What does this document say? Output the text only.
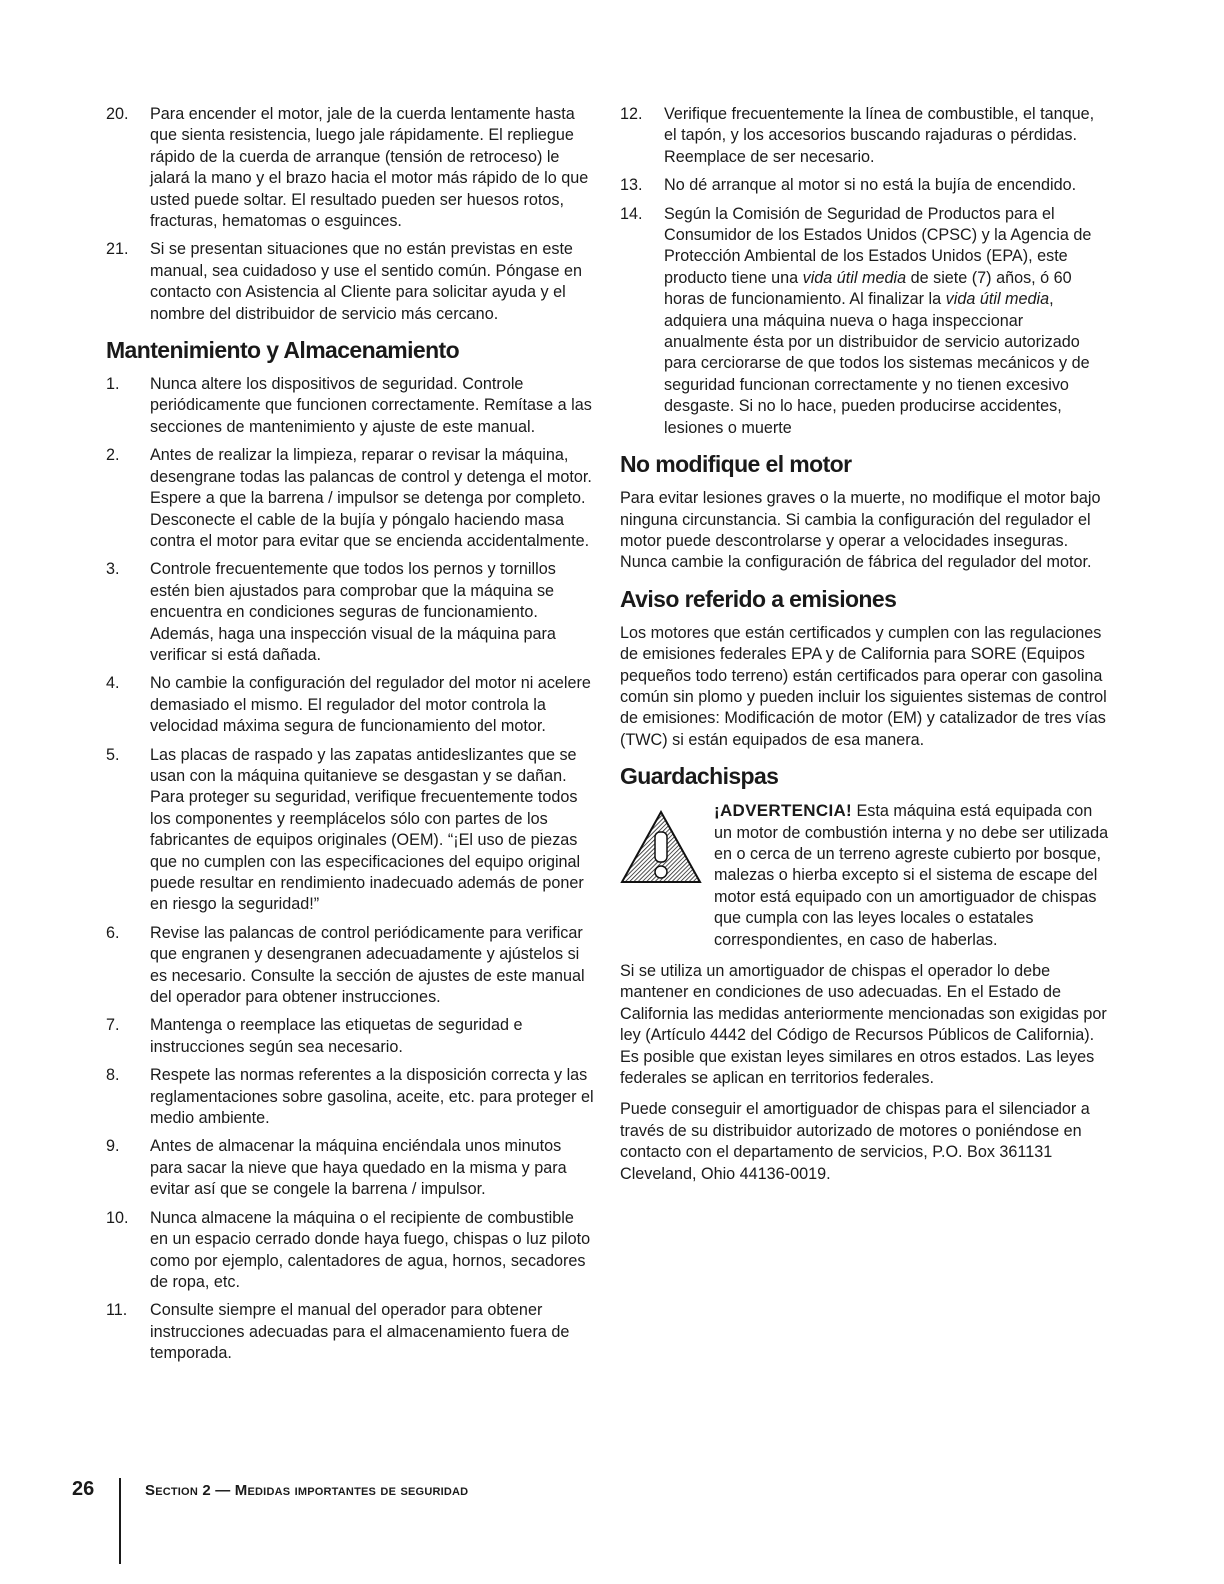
20.	Para encender el motor, jale de la cuerda lentamente hasta que sienta resistencia, luego jale rápidamente. El repliegue rápido de la cuerda de arranque (tensión de retroceso) le jalará la mano y el brazo hacia el motor más rápido de lo que usted puede soltar. El resultado pueden ser huesos rotos, fracturas, hematomas o esguinces.
21.	Si se presentan situaciones que no están previstas en este manual, sea cuidadoso y use el sentido común. Póngase en contacto con Asistencia al Cliente para solicitar ayuda y el nombre del distribuidor de servicio más cercano.
Mantenimiento y Almacenamiento
1.	Nunca altere los dispositivos de seguridad. Controle periódicamente que funcionen correctamente. Remítase a las secciones de mantenimiento y ajuste de este manual.
2.	Antes de realizar la limpieza, reparar o revisar la máquina, desengrane todas las palancas de control y detenga el motor. Espere a que la barrena / impulsor se detenga por completo. Desconecte el cable de la bujía y póngalo haciendo masa contra el motor para evitar que se encienda accidentalmente.
3.	Controle frecuentemente que todos los pernos y tornillos estén bien ajustados para comprobar que la máquina se encuentra en condiciones seguras de funcionamiento. Además, haga una inspección visual de la máquina para verificar si está dañada.
4.	No cambie la configuración del regulador del motor ni acelere demasiado el mismo. El regulador del motor controla la velocidad máxima segura de funcionamiento del motor.
5.	Las placas de raspado y las zapatas antideslizantes que se usan con la máquina quitanieve se desgastan y se dañan. Para proteger su seguridad, verifique frecuentemente todos los componentes y reemplácelos sólo con partes de los fabricantes de equipos originales (OEM). “¡El uso de piezas que no cumplen con las especificaciones del equipo original puede resultar en rendimiento inadecuado además de poner en riesgo la seguridad!”
6.	Revise las palancas de control periódicamente para verificar que engranen y desengranen adecuadamente y ajústelos si es necesario. Consulte la sección de ajustes de este manual del operador para obtener instrucciones.
7.	Mantenga o reemplace las etiquetas de seguridad e instrucciones según sea necesario.
8.	Respete las normas referentes a la disposición correcta y las reglamentaciones sobre gasolina, aceite, etc. para proteger el medio ambiente.
9.	Antes de almacenar la máquina enciéndala unos minutos para sacar la nieve que haya quedado en la misma y para evitar así que se congele la barrena / impulsor.
10.	Nunca almacene la máquina o el recipiente de combustible en un espacio cerrado donde haya fuego, chispas o luz piloto como por ejemplo, calentadores de agua, hornos, secadores de ropa, etc.
11.	Consulte siempre el manual del operador para obtener instrucciones adecuadas para el almacenamiento fuera de temporada.
12.	Verifique frecuentemente la línea de combustible, el tanque, el tapón, y los accesorios buscando rajaduras o pérdidas. Reemplace de ser necesario.
13.	No dé arranque al motor si no está la bujía de encendido.
14.	Según la Comisión de Seguridad de Productos para el Consumidor de los Estados Unidos (CPSC) y la Agencia de Protección Ambiental de los Estados Unidos (EPA), este producto tiene una vida útil media de siete (7) años, ó 60 horas de funcionamiento. Al finalizar la vida útil media, adquiera una máquina nueva o haga inspeccionar anualmente ésta por un distribuidor de servicio autorizado para cerciorarse de que todos los sistemas mecánicos y de seguridad funcionan correctamente y no tienen excesivo desgaste. Si no lo hace, pueden producirse accidentes, lesiones o muerte
No modifique el motor

Para evitar lesiones graves o la muerte, no modifique el motor bajo ninguna circunstancia. Si cambia la configuración del regulador el motor puede descontrolarse y operar a velocidades inseguras. Nunca cambie la configuración de fábrica del regulador del motor.

Aviso referido a emisiones

Los motores que están certificados y cumplen con las regulaciones de emisiones federales EPA y de California para SORE (Equipos pequeños todo terreno) están certificados para operar con gasolina común sin plomo y pueden incluir los siguientes sistemas de control de emisiones: Modificación de motor (EM) y catalizador de tres vías (TWC) si están equipados de esa manera.

Guardachispas
¡ADVERTENCIA! Esta máquina está equipada con un motor de combustión interna y no debe ser utilizada en o cerca de un terreno agreste cubierto por bosque, malezas o hierba excepto si el sistema de escape del motor está equipado con un amortiguador de chispas que cumpla con las leyes locales o estatales correspondientes, en caso de haberlas.

Si se utiliza un amortiguador de chispas el operador lo debe mantener en condiciones de uso adecuadas. En el Estado de California las medidas anteriormente mencionadas son exigidas por ley (Artículo 4442 del Código de Recursos Públicos de California). Es posible que existan leyes similares en otros estados. Las leyes federales se aplican en territorios federales.

Puede conseguir el amortiguador de chispas para el silenciador a través de su distribuidor autorizado de motores o poniéndose en contacto con el departamento de servicios, P.O. Box 361131 Cleveland, Ohio 44136-0019.

26	Section 2 — Medidas importantes de seguridad
